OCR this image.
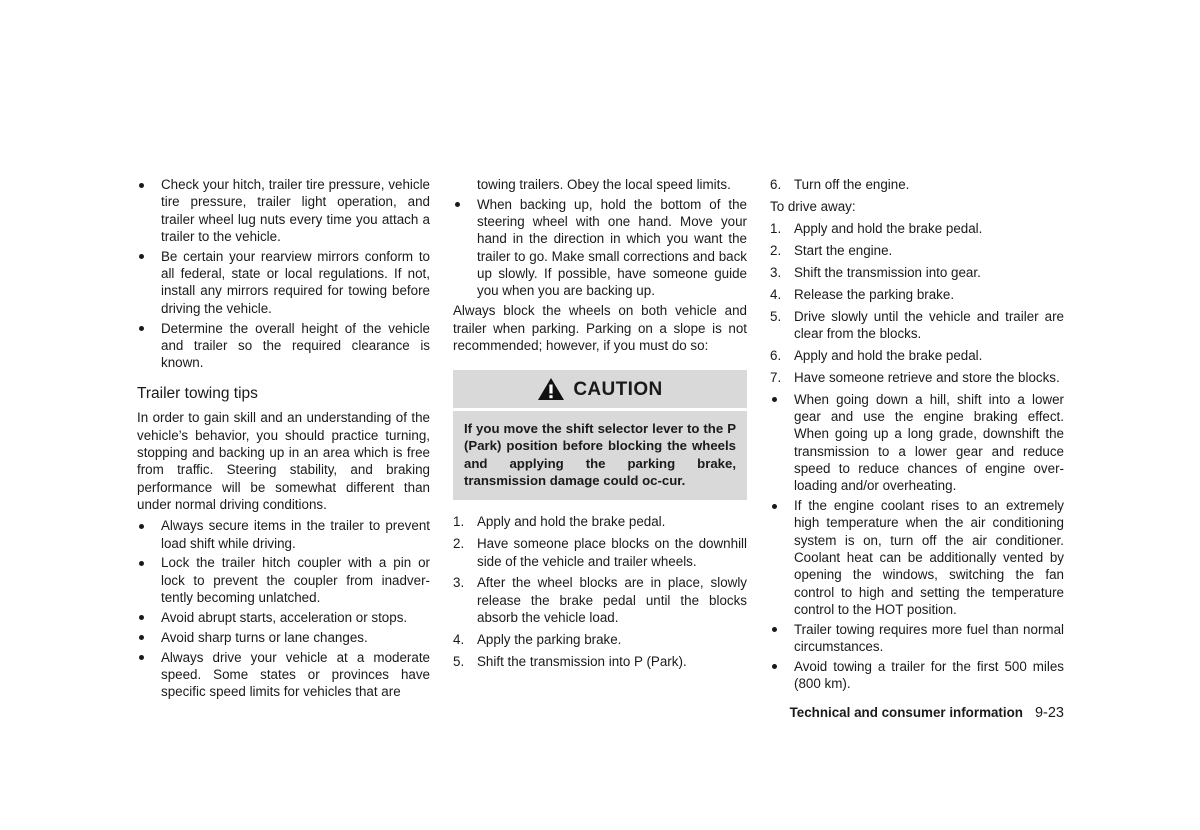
Check your hitch, trailer tire pressure, vehicle tire pressure, trailer light operation, and trailer wheel lug nuts every time you attach a trailer to the vehicle.
Be certain your rearview mirrors conform to all federal, state or local regulations. If not, install any mirrors required for towing before driving the vehicle.
Determine the overall height of the vehicle and trailer so the required clearance is known.
Trailer towing tips

In order to gain skill and an understanding of the vehicle’s behavior, you should practice turning, stopping and backing up in an area which is free from traffic. Steering stability, and braking performance will be somewhat different than under normal driving conditions.

Always secure items in the trailer to prevent load shift while driving.
Lock the trailer hitch coupler with a pin or lock to prevent the coupler from inadver-tently becoming unlatched.
Avoid abrupt starts, acceleration or stops.
Avoid sharp turns or lane changes.
Always drive your vehicle at a moderate speed. Some states or provinces have specific speed limits for vehicles that are
towing trailers. Obey the local speed limits.
When backing up, hold the bottom of the steering wheel with one hand. Move your hand in the direction in which you want the trailer to go. Make small corrections and back up slowly. If possible, have someone guide you when you are backing up.

Always block the wheels on both vehicle and trailer when parking. Parking on a slope is not recommended; however, if you must do so:

CAUTION
If you move the shift selector lever to the P (Park) position before blocking the wheels and applying the parking brake, transmission damage could oc-cur.
1. Apply and hold the brake pedal.
2. Have someone place blocks on the downhill side of the vehicle and trailer wheels.
3. After the wheel blocks are in place, slowly release the brake pedal until the blocks absorb the vehicle load.
4. Apply the parking brake.
5. Shift the transmission into P (Park).
6. Turn off the engine.

To drive away:

1. Apply and hold the brake pedal.
2. Start the engine.
3. Shift the transmission into gear.
4. Release the parking brake.
5. Drive slowly until the vehicle and trailer are clear from the blocks.
6. Apply and hold the brake pedal.
7. Have someone retrieve and store the blocks.
When going down a hill, shift into a lower gear and use the engine braking effect. When going up a long grade, downshift the transmission to a lower gear and reduce speed to reduce chances of engine over-loading and/or overheating.
If the engine coolant rises to an extremely high temperature when the air conditioning system is on, turn off the air conditioner. Coolant heat can be additionally vented by opening the windows, switching the fan control to high and setting the temperature control to the HOT position.
Trailer towing requires more fuel than normal circumstances.
Avoid towing a trailer for the first 500 miles (800 km).
Technical and consumer information 9-23
